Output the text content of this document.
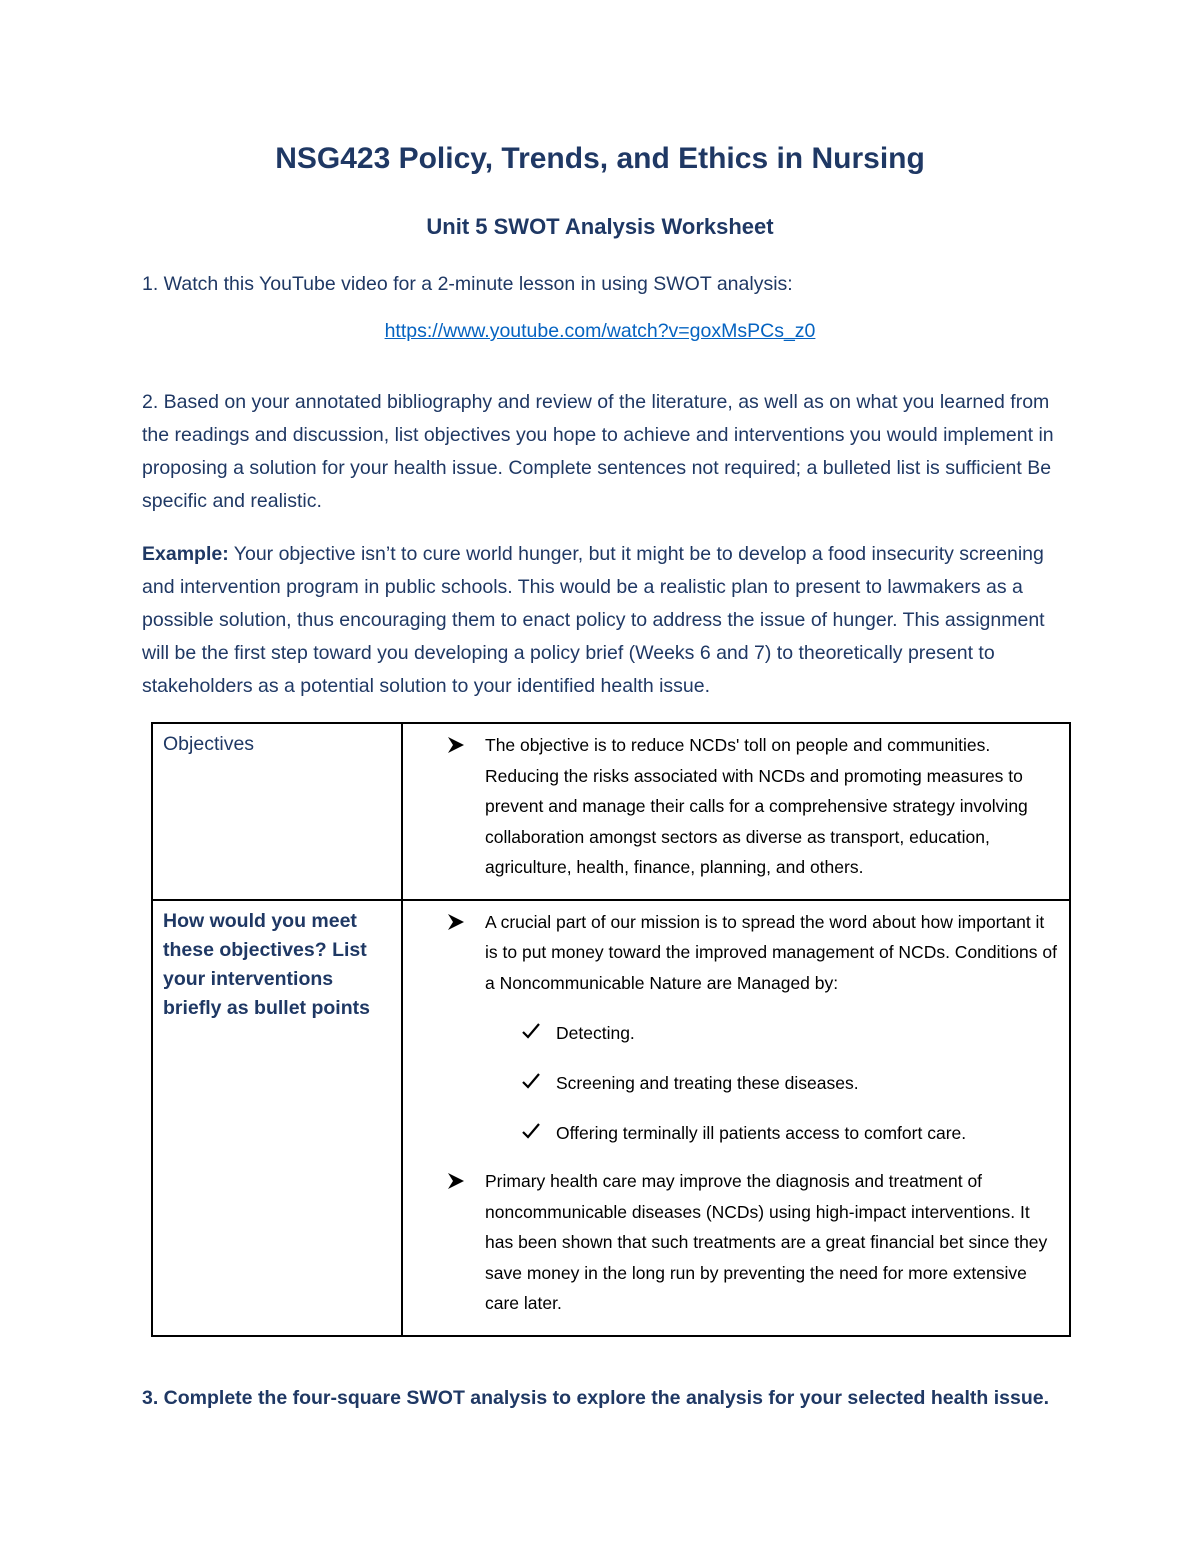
NSG423 Policy, Trends, and Ethics in Nursing
Unit 5 SWOT Analysis Worksheet
1. Watch this YouTube video for a 2-minute lesson in using SWOT analysis:
https://www.youtube.com/watch?v=goxMsPCs_z0
2. Based on your annotated bibliography and review of the literature, as well as on what you learned from the readings and discussion, list objectives you hope to achieve and interventions you would implement in proposing a solution for your health issue. Complete sentences not required; a bulleted list is sufficient Be specific and realistic.
Example: Your objective isn’t to cure world hunger, but it might be to develop a food insecurity screening and intervention program in public schools. This would be a realistic plan to present to lawmakers as a possible solution, thus encouraging them to enact policy to address the issue of hunger. This assignment will be the first step toward you developing a policy brief (Weeks 6 and 7) to theoretically present to stakeholders as a potential solution to your identified health issue.
Objectives	The objective is to reduce NCDs' toll on people and communities. Reducing the risks associated with NCDs and promoting measures to prevent and manage their calls for a comprehensive strategy involving collaboration amongst sectors as diverse as transport, education, agriculture, health, finance, planning, and others.

How would you meet these objectives? List your interventions briefly as bullet points	A crucial part of our mission is to spread the word about how important it is to put money toward the improved management of NCDs. Conditions of a Noncommunicable Nature are Managed by:
Detecting.
Screening and treating these diseases.
Offering terminally ill patients access to comfort care.
Primary health care may improve the diagnosis and treatment of noncommunicable diseases (NCDs) using high-impact interventions. It has been shown that such treatments are a great financial bet since they save money in the long run by preventing the need for more extensive care later.
3. Complete the four-square SWOT analysis to explore the analysis for your selected health issue.
